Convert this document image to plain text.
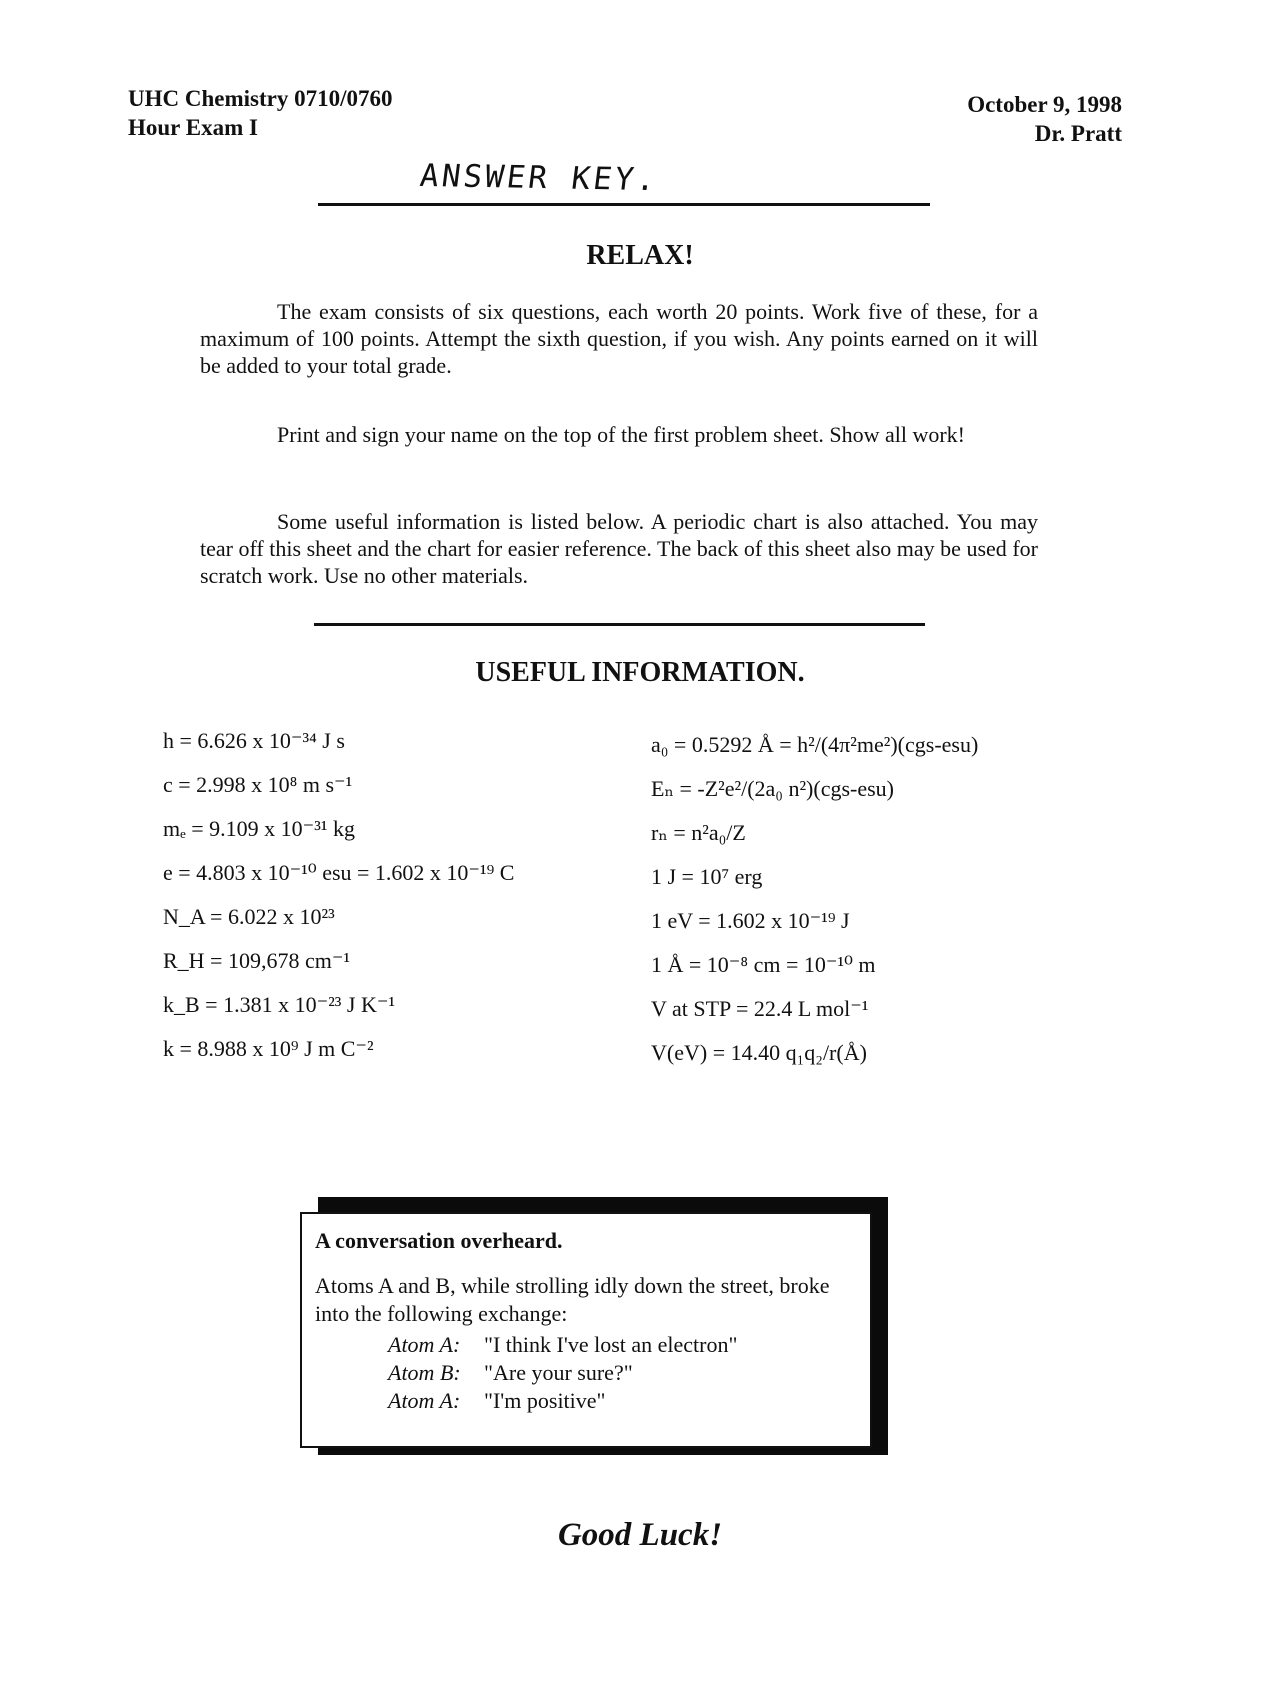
UHC Chemistry 0710/0760
Hour Exam I
October 9, 1998
Dr. Pratt
ANSWER KEY.
RELAX!
The exam consists of six questions, each worth 20 points. Work five of these, for a maximum of 100 points. Attempt the sixth question, if you wish. Any points earned on it will be added to your total grade.
Print and sign your name on the top of the first problem sheet. Show all work!
Some useful information is listed below. A periodic chart is also attached. You may tear off this sheet and the chart for easier reference. The back of this sheet also may be used for scratch work. Use no other materials.
USEFUL INFORMATION.
h = 6.626 x 10⁻³⁴ J s
c = 2.998 x 10⁸ m s⁻¹
mₑ = 9.109 x 10⁻³¹ kg
e = 4.803 x 10⁻¹⁰ esu = 1.602 x 10⁻¹⁹ C
N_A = 6.022 x 10²³
R_H = 109,678 cm⁻¹
k_B = 1.381 x 10⁻²³ J K⁻¹
k = 8.988 x 10⁹ J m C⁻²
a₀ = 0.5292 Å = h²/(4π²me²)(cgs-esu)
Eₙ = -Z²e²/(2a₀ n²)(cgs-esu)
rₙ = n²a₀/Z
1 J = 10⁷ erg
1 eV = 1.602 x 10⁻¹⁹ J
1 Å = 10⁻⁸ cm = 10⁻¹⁰ m
V at STP = 22.4 L mol⁻¹
V(eV) = 14.40 q₁q₂/r(Å)
A conversation overheard.
Atoms A and B, while strolling idly down the street, broke into the following exchange:
Atom A: "I think I've lost an electron"
Atom B: "Are your sure?"
Atom A: "I'm positive"
Good Luck!
